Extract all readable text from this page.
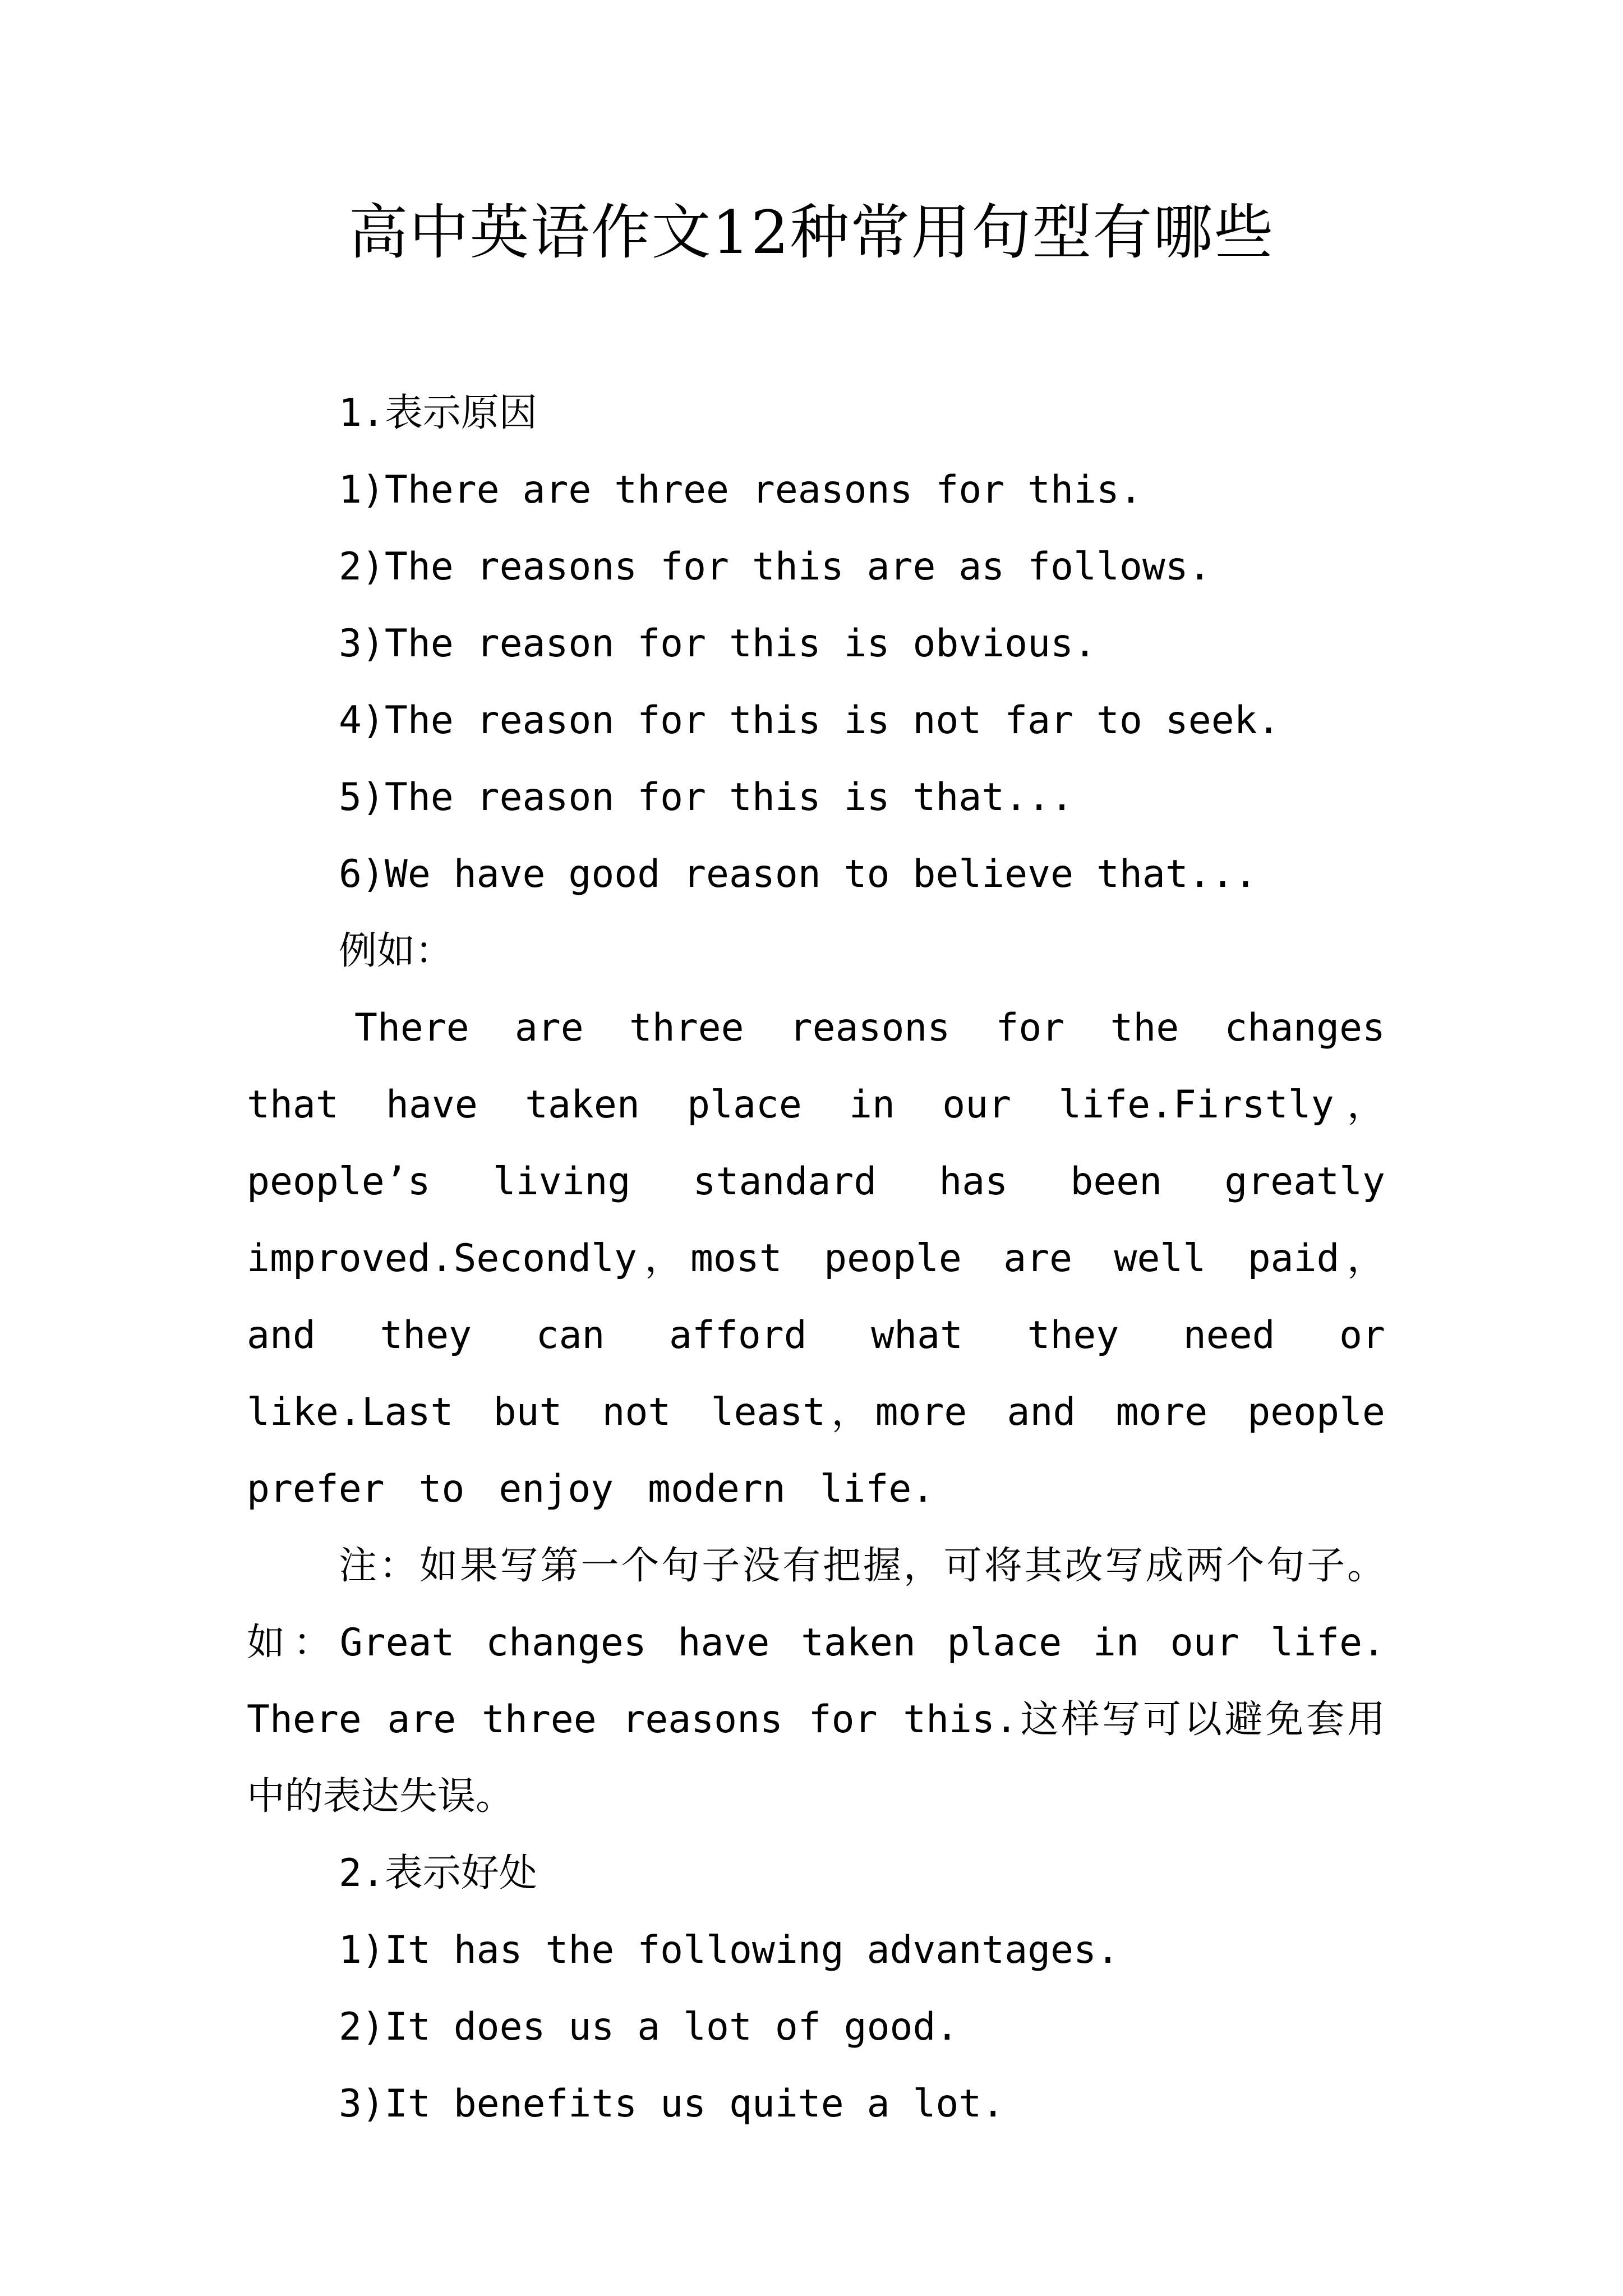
高中英语作文12种常用句型有哪些
1.表示原因
1)There are three reasons for this.
2)The reasons for this are as follows.
3)The reason for this is obvious.
4)The reason for this is not far to seek.
5)The reason for this is that...
6)We have good reason to believe that...
例如：
There are three reasons for the changes that have taken place in our life.Firstly，people’s living standard has been greatly improved.Secondly，most people are well paid， and they can afford what they need or like.Last but not least，more and more people prefer to enjoy modern life.
注：如果写第一个句子没有把握，可将其改写成两个句子。如：Great changes have taken place in our life. There are three reasons for this.这样写可以避免套用中的表达失误。
2.表示好处
1)It has the following advantages.
2)It does us a lot of good.
3)It benefits us quite a lot.
